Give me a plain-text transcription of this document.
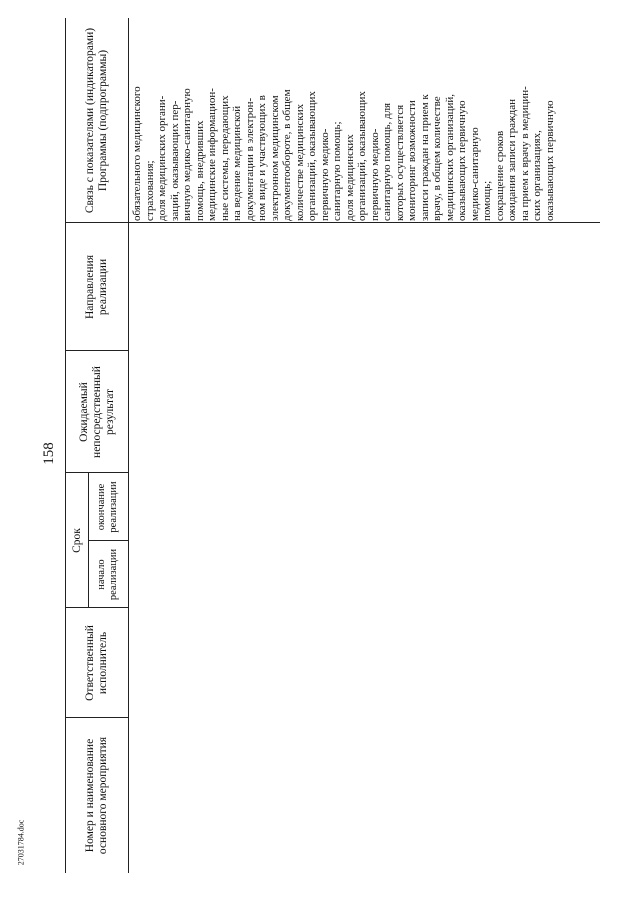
158
27031784.doc	Номер и наименование основного мероприятия
Ответственный исполнитель
Срок
начало реализации
окончание реализации
Ожидаемый непосредственный результат
Направления реализации
Связь с показателями (индикаторами) Программы (подпрограммы)	обязательного медицинского страхования; доля медицинских органи- заций, оказывающих пер- вичную медико-санитарную помощь, внедривших медицинские информацион- ные системы, передающих на ведение медицинской документации в электрон- ном виде и участвующих в электронном медицинском документообороте, в общем количестве медицинских организаций, оказывающих первичную медико- санитарную помощь; доля медицинских организаций, оказывающих первичную медико- санитарную помощь, для которых осуществляется мониторинг возможности записи граждан на прием к врачу, в общем количестве медицинских организаций, оказывающих первичную медико-санитарную помощь; сокращение сроков ожидания записи граждан на прием к врачу в медицин- ских организациях, оказывающих первичную
